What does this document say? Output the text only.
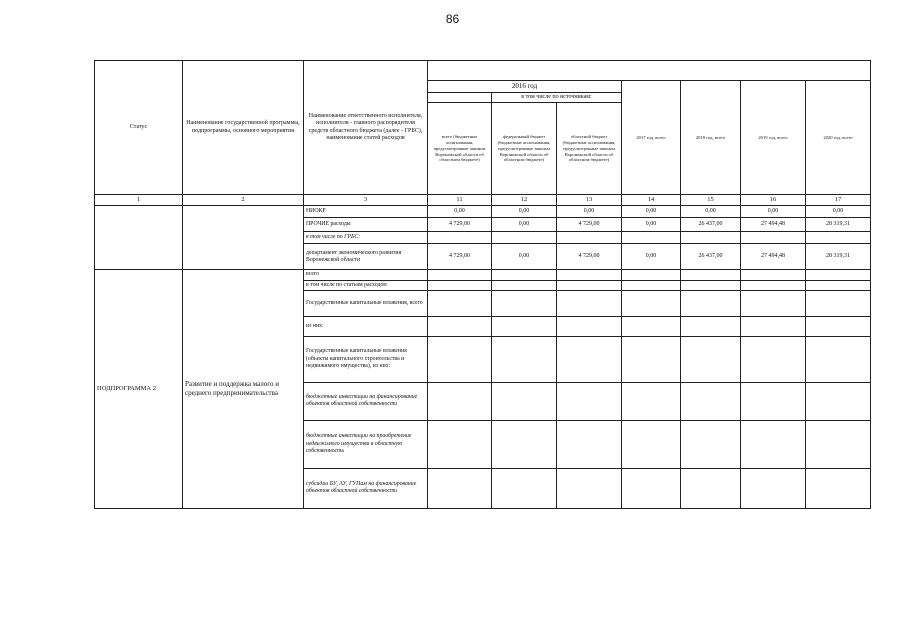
86
Статус	Наименование государственной программы, подпрограммы, основного мероприятия	Наименование ответственного исполнителя, исполнителя - главного распорядителя средств областного бюджета (далее - ГРБС), наименование статей расходов							

			2016 год			2017 год, всего	2018 год, всего	2019 год, всего	2020 год, всего
				в том числе по источникам:					
			всего (бюджетные ассигнования, предусмотренные законом Воронежской области об областном бюджете)	федеральный бюджет (бюджетные ассигнования, предусмотренные законом Воронежской области об областном бюджете)	областной бюджет (бюджетные ассигнования, предусмотренные законом Воронежской области об областном бюджете)				
1	2	3	11	12	13	14	15	16	17
		НИОКР	0,00	0,00	0,00	0,00	0,00	0,00	0,00
		ПРОЧИЕ расходы	4 729,00	0,00	4 729,00	0,00	26 437,00	27 494,48	28 319,31
		в том числе по ГРБС:							
		департамент экономического развития Воронежской области	4 729,00	0,00	4 729,00	0,00	26 437,00	27 494,48	28 319,31
ПОДПРОГРАММА 2	Развитие и поддержка малого и среднего предпринимательства	всего							
		в том числе по статьям расходов:							
		Государственные капитальные вложения, всего							
		из них:							
		Государственные капитальные вложения (объекты капитального строительства и недвижимого имущества), из них:							
		бюджетные инвестиции на финансирование объектов областной собственности							
		бюджетные инвестиции на приобретение недвижимого имущества в областную собственность							
		субсидии БУ, АУ, ГУПам на финансирование объектов областной собственности							
